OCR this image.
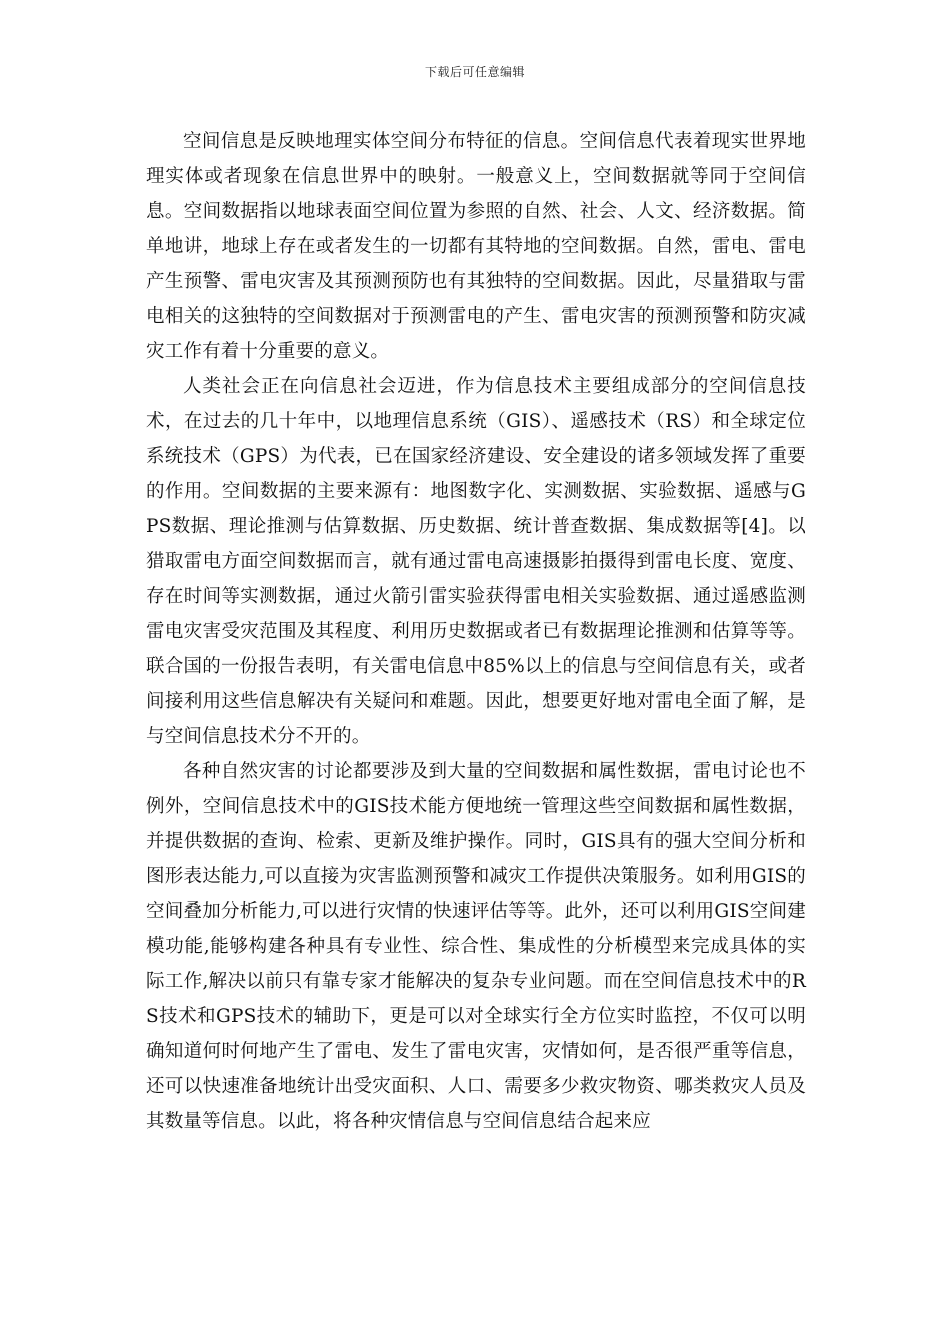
下载后可任意编辑

空间信息是反映地理实体空间分布特征的信息。空间信息代表着现实世界地理实体或者现象在信息世界中的映射。一般意义上，空间数据就等同于空间信息。空间数据指以地球表面空间位置为参照的自然、社会、人文、经济数据。简单地讲，地球上存在或者发生的一切都有其特地的空间数据。自然，雷电、雷电产生预警、雷电灾害及其预测预防也有其独特的空间数据。因此，尽量猎取与雷电相关的这独特的空间数据对于预测雷电的产生、雷电灾害的预测预警和防灾减灾工作有着十分重要的意义。

人类社会正在向信息社会迈进，作为信息技术主要组成部分的空间信息技术，在过去的几十年中，以地理信息系统（GIS）、遥感技术（RS）和全球定位系统技术（GPS）为代表，已在国家经济建设、安全建设的诸多领域发挥了重要的作用。空间数据的主要来源有：地图数字化、实测数据、实验数据、遥感与GPS数据、理论推测与估算数据、历史数据、统计普查数据、集成数据等[4]。以猎取雷电方面空间数据而言，就有通过雷电高速摄影拍摄得到雷电长度、宽度、存在时间等实测数据，通过火箭引雷实验获得雷电相关实验数据、通过遥感监测雷电灾害受灾范围及其程度、利用历史数据或者已有数据理论推测和估算等等。联合国的一份报告表明，有关雷电信息中85%以上的信息与空间信息有关，或者间接利用这些信息解决有关疑问和难题。因此，想要更好地对雷电全面了解，是与空间信息技术分不开的。

各种自然灾害的讨论都要涉及到大量的空间数据和属性数据，雷电讨论也不例外，空间信息技术中的GIS技术能方便地统一管理这些空间数据和属性数据，并提供数据的查询、检索、更新及维护操作。同时，GIS具有的强大空间分析和图形表达能力,可以直接为灾害监测预警和减灾工作提供决策服务。如利用GIS的空间叠加分析能力,可以进行灾情的快速评估等等。此外，还可以利用GIS空间建模功能,能够构建各种具有专业性、综合性、集成性的分析模型来完成具体的实际工作,解决以前只有靠专家才能解决的复杂专业问题。而在空间信息技术中的RS技术和GPS技术的辅助下，更是可以对全球实行全方位实时监控，不仅可以明确知道何时何地产生了雷电、发生了雷电灾害，灾情如何，是否很严重等信息，还可以快速准备地统计出受灾面积、人口、需要多少救灾物资、哪类救灾人员及其数量等信息。以此，将各种灾情信息与空间信息结合起来应
